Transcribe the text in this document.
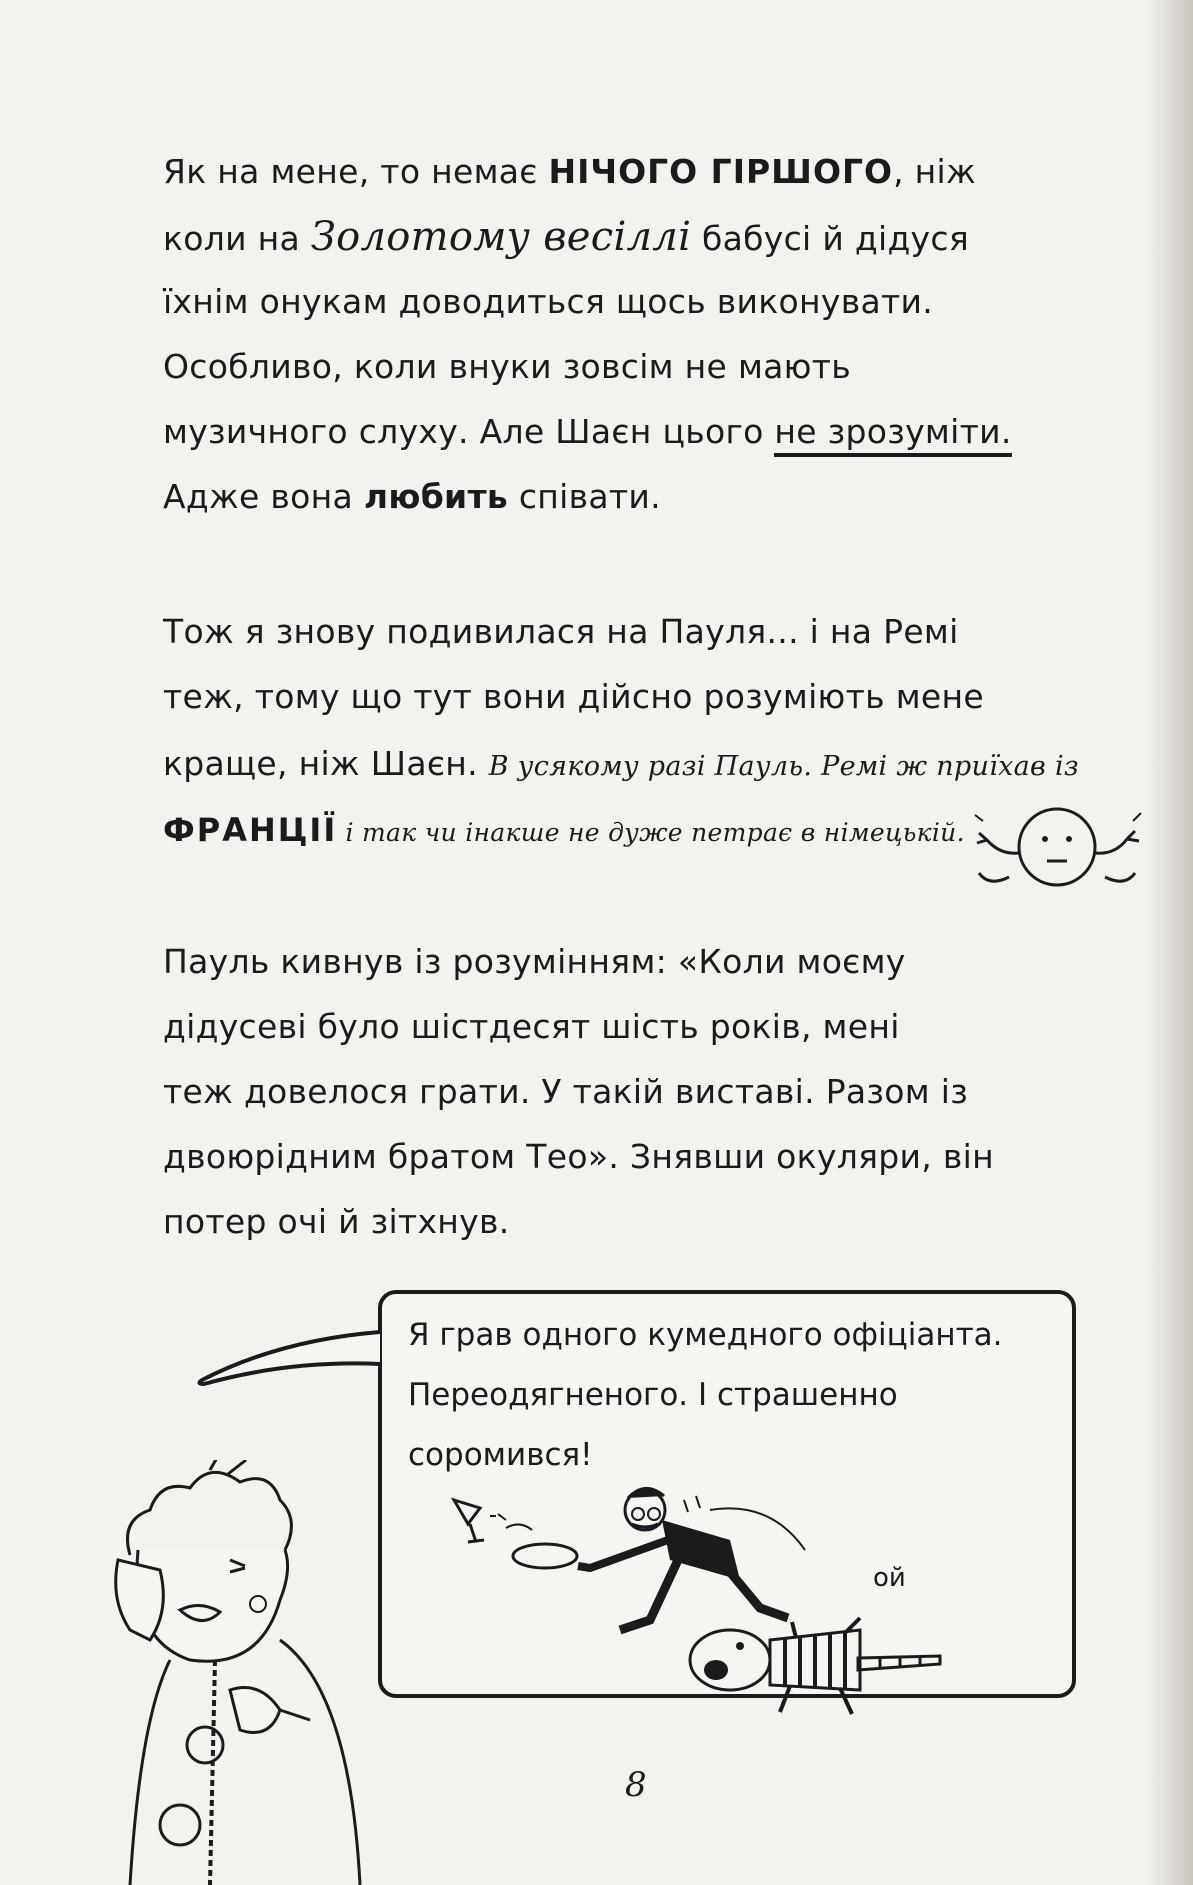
Як на мене, то немає НІЧОГО ГІРШОГО, ніж
коли на Золотому весіллі бабусі й дідуся
їхнім онукам доводиться щось виконувати.
Особливо, коли внуки зовсім не мають
музичного слуху. Але Шаєн цього не зрозуміти.
Адже вона любить співати.
Тож я знову подивилася на Пауля... і на Ремі
теж, тому що тут вони дійсно розуміють мене
краще, ніж Шаєн. В усякому разі Пауль. Ремі ж приїхав із
ФРАНЦІЇ і так чи інакше не дуже петрає в німецькій.
Пауль кивнув із розумінням: «Коли моєму
дідусеві було шістдесят шість років, мені
теж довелося грати. У такій виставі. Разом із
двоюрідним братом Тео». Знявши окуляри, він
потер очі й зітхнув.
Я грав одного кумедного офіціанта.
Переодягненого. І страшенно
соромився!
ой
8
